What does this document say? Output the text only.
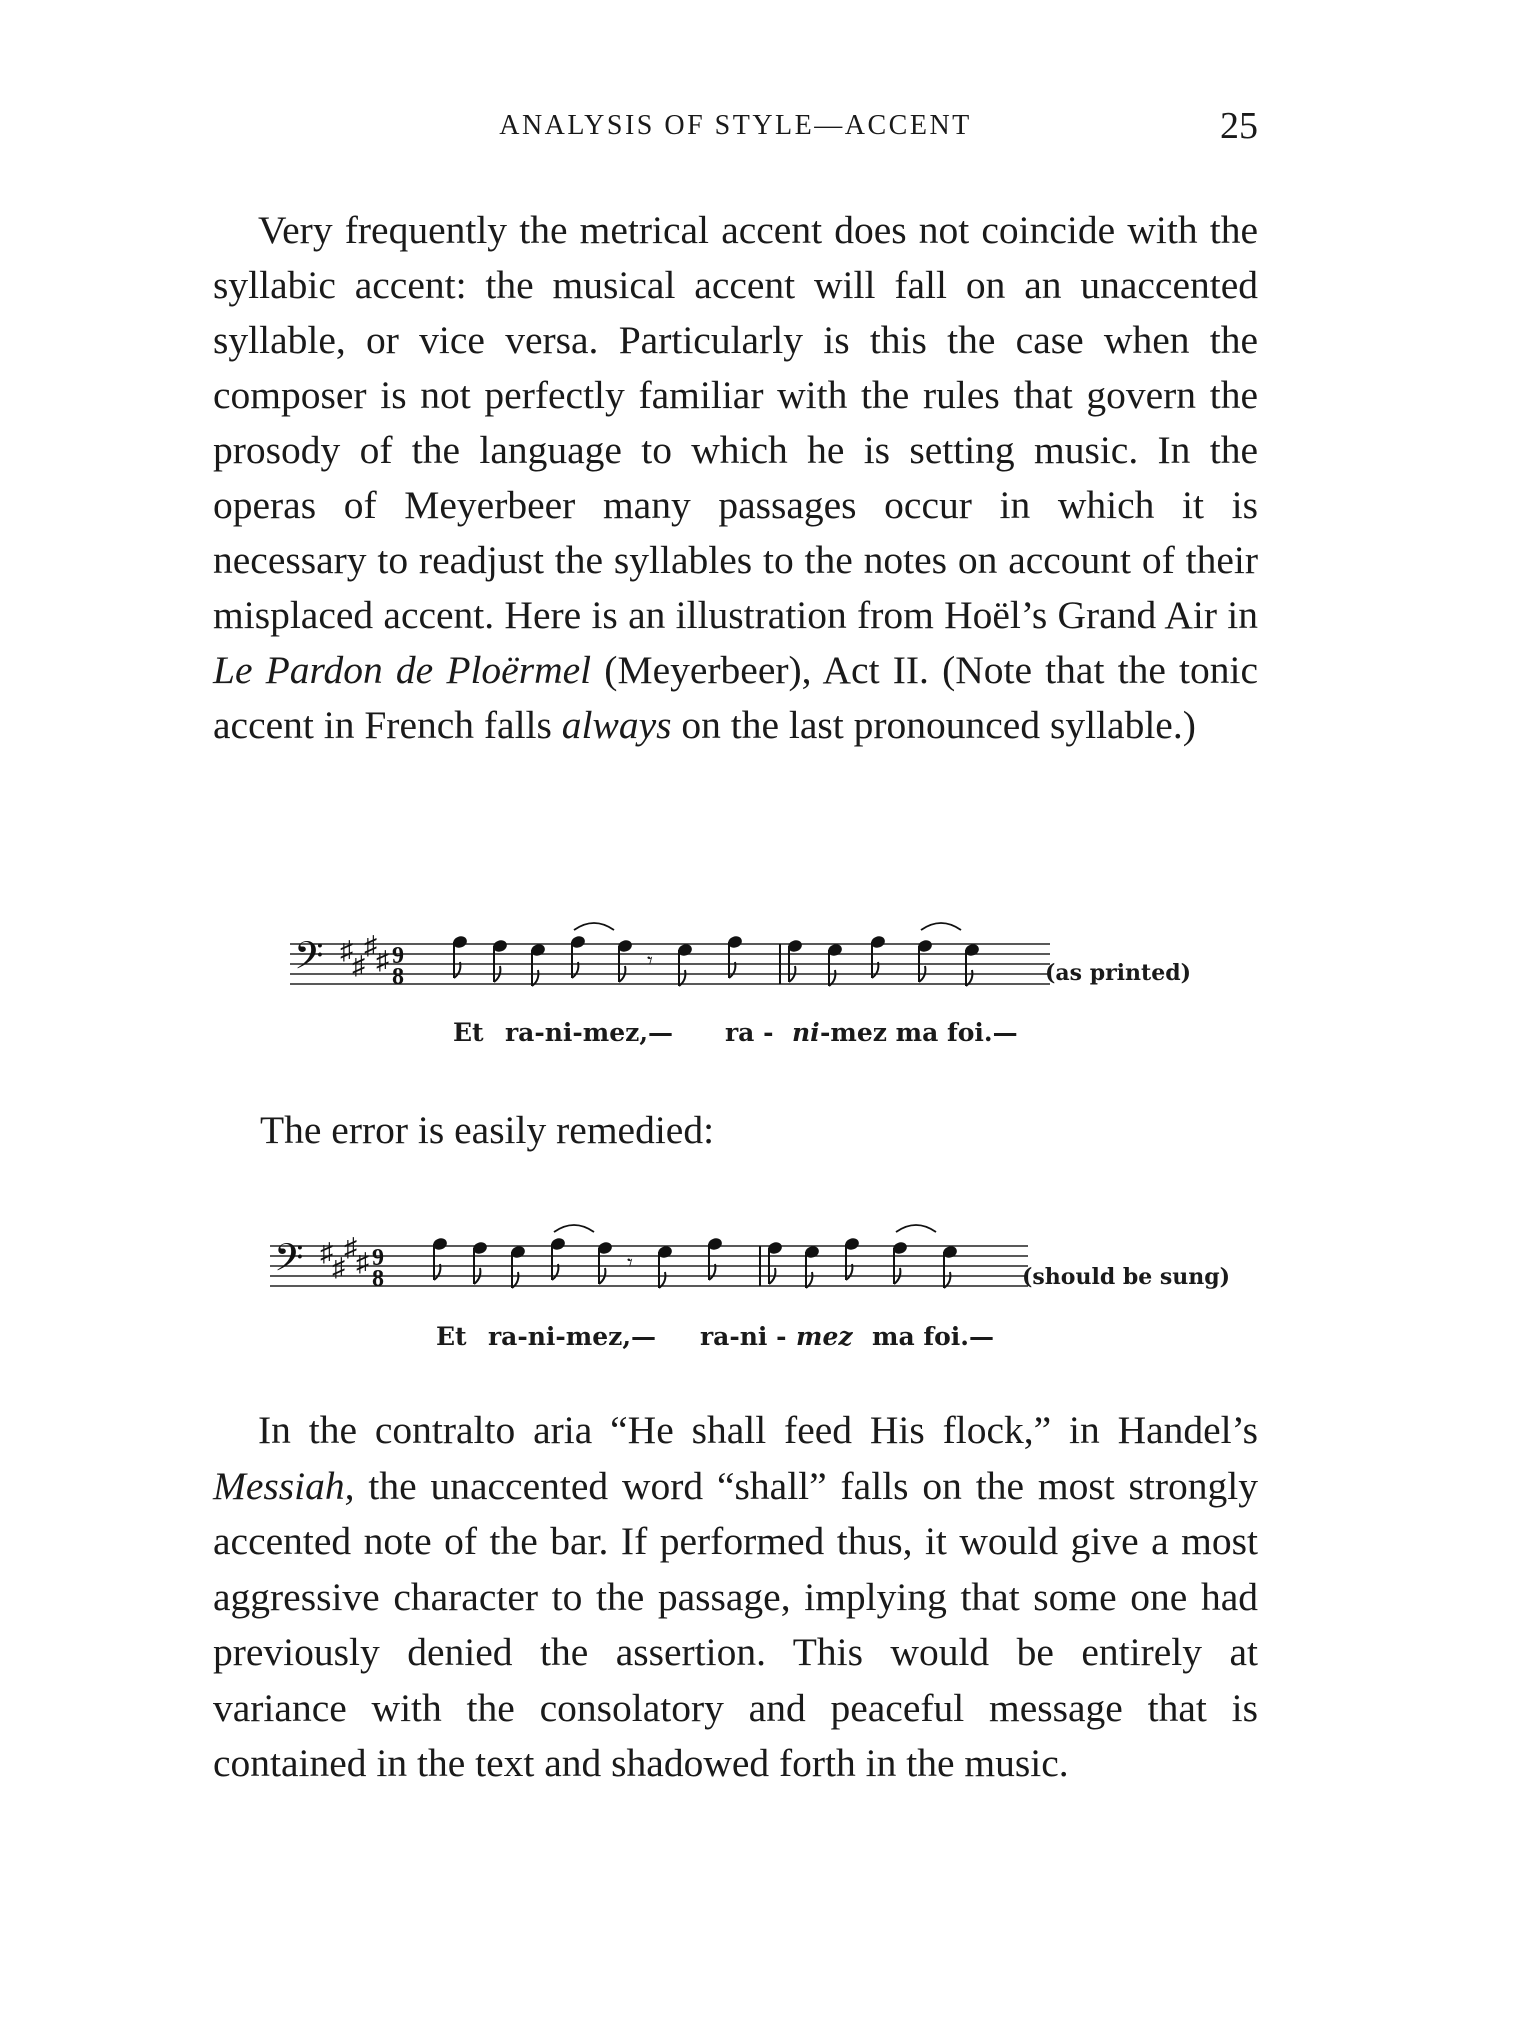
ANALYSIS OF STYLE—ACCENT	25

Very frequently the metrical accent does not coincide with the syllabic accent: the musical accent will fall on an unaccented syllable, or vice versa. Particularly is this the case when the composer is not perfectly familiar with the rules that govern the prosody of the language to which he is setting music. In the operas of Meyerbeer many passages occur in which it is necessary to readjust the syllables to the notes on account of their misplaced accent. Here is an illustration from Hoël’s Grand Air in Le Pardon de Ploërmel (Meyerbeer), Act II. (Note that the tonic accent in French falls always on the last pronounced syllable.)

𝄢 ♯
♯
♯
♯ 9
8
𝄾	(as printed)
Et ra-ni-mez,— ra - ni -mez ma foi.—

The error is easily remedied:

𝄢 ♯
♯
♯
♯ 9
8
𝄾
(should be sung)
Et ra-ni-mez,— ra-ni - mez ma foi.—

In the contralto aria “He shall feed His flock,” in Handel’s Messiah, the unaccented word “shall” falls on the most strongly accented note of the bar. If performed thus, it would give a most aggressive character to the passage, implying that some one had previously denied the assertion. This would be entirely at variance with the consolatory and peaceful message that is contained in the text and shadowed forth in the music.
